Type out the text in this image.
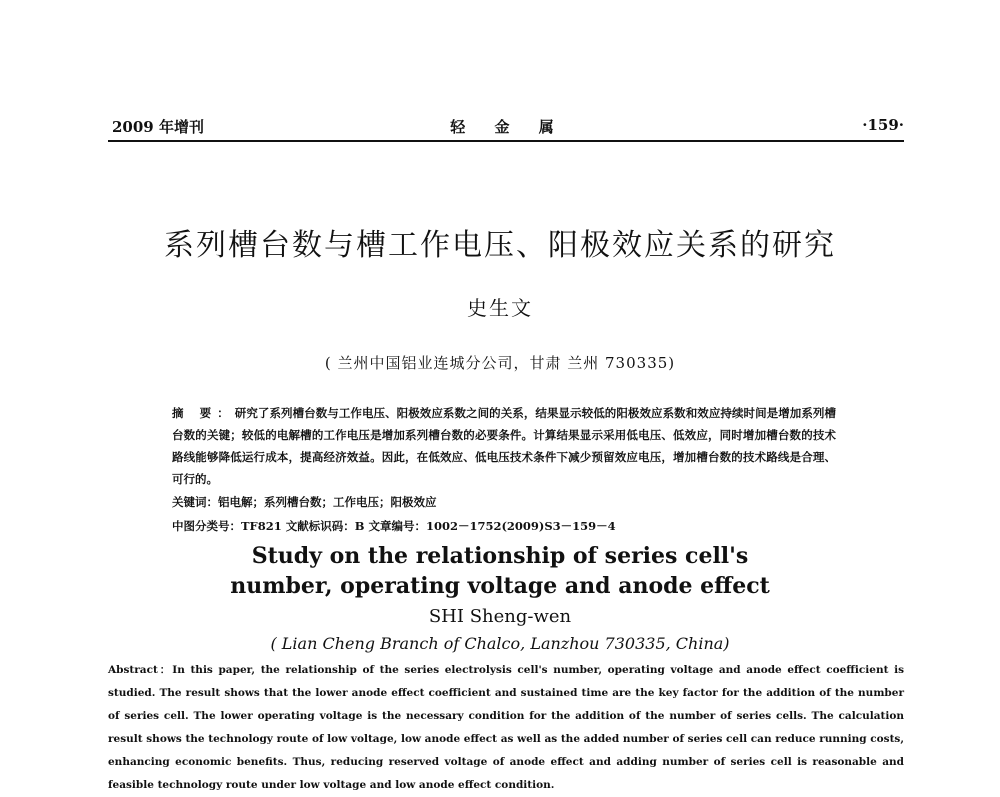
2009 年增刊	轻 金 属	·159·
系列槽台数与槽工作电压、阳极效应关系的研究
史生文
( 兰州中国铝业连城分公司，甘肃 兰州 730335)
摘 要：研究了系列槽台数与工作电压、阳极效应系数之间的关系，结果显示较低的阳极效应系数和效应持续时间是增加系列槽台数的关键；较低的电解槽的工作电压是增加系列槽台数的必要条件。计算结果显示采用低电压、低效应，同时增加槽台数的技术路线能够降低运行成本，提高经济效益。因此，在低效应、低电压技术条件下减少预留效应电压，增加槽台数的技术路线是合理、可行的。
关键词：铝电解；系列槽台数；工作电压；阳极效应
中图分类号：TF821 文献标识码：B 文章编号：1002－1752(2009)S3－159－4
Study on the relationship of series cell's
number, operating voltage and anode effect
SHI Sheng-wen
( Lian Cheng Branch of Chalco, Lanzhou 730335, China)
Abstract：In this paper, the relationship of the series electrolysis cell's number, operating voltage and anode effect coefficient is studied. The result shows that the lower anode effect coefficient and sustained time are the key factor for the addition of the number of series cell. The lower operating voltage is the necessary condition for the addition of the number of series cells. The calculation result shows the technology route of low voltage, low anode effect as well as the added number of series cell can reduce running costs, enhancing economic benefits. Thus, reducing reserved voltage of anode effect and adding number of series cell is reasonable and feasible technology route under low voltage and low anode effect condition.
